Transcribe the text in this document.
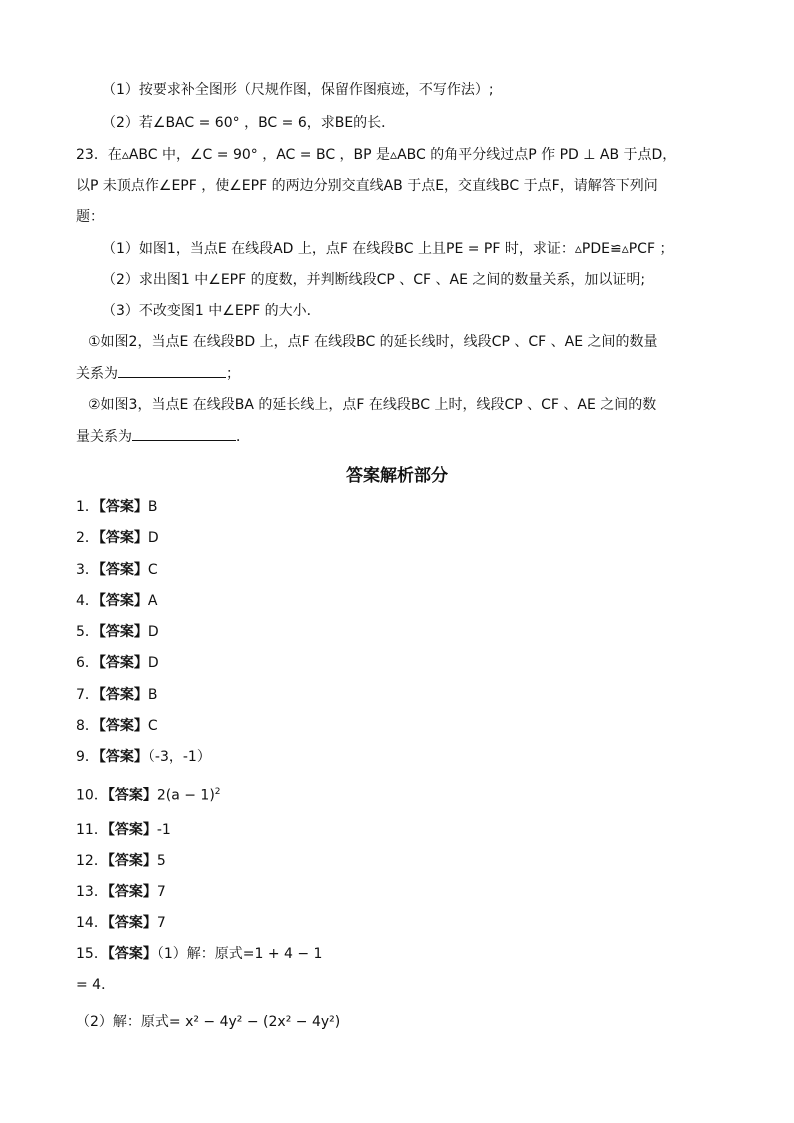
（1）按要求补全图形（尺规作图，保留作图痕迹，不写作法）;
（2）若∠BAC = 60° ，BC = 6，求BE的长．
23．在▵ABC 中，∠C = 90° ，AC = BC ，BP 是▵ABC 的角平分线过点P 作 PD ⊥ AB 于点D，
以P 未顶点作∠EPF ，使∠EPF 的两边分别交直线AB 于点E，交直线BC 于点F，请解答下列问
题：
（1）如图1，当点E 在线段AD 上，点F 在线段BC 上且PE = PF 时，求证：▵PDE≌▵PCF ；
（2）求出图1 中∠EPF 的度数，并判断线段CP 、CF 、AE 之间的数量关系，加以证明;
（3）不改变图1 中∠EPF 的大小．
①如图2，当点E 在线段BD 上，点F 在线段BC 的延长线时，线段CP 、CF 、AE 之间的数量
关系为	；
②如图3，当点E 在线段BA 的延长线上，点F 在线段BC 上时，线段CP 、CF 、AE 之间的数
量关系为	．
答案解析部分
1．【答案】B
2．【答案】D
3．【答案】C
4．【答案】A
5．【答案】D
6．【答案】D
7．【答案】B
8．【答案】C
9．【答案】（-3，-1）
10．【答案】$2(a - 1)^2$
11．【答案】-1
12．【答案】5
13．【答案】7
14．【答案】7
15．【答案】（1）解：原式=1 + 4 − 1
= 4．
（2）解：原式= x² − 4y² − (2x² − 4y²)
